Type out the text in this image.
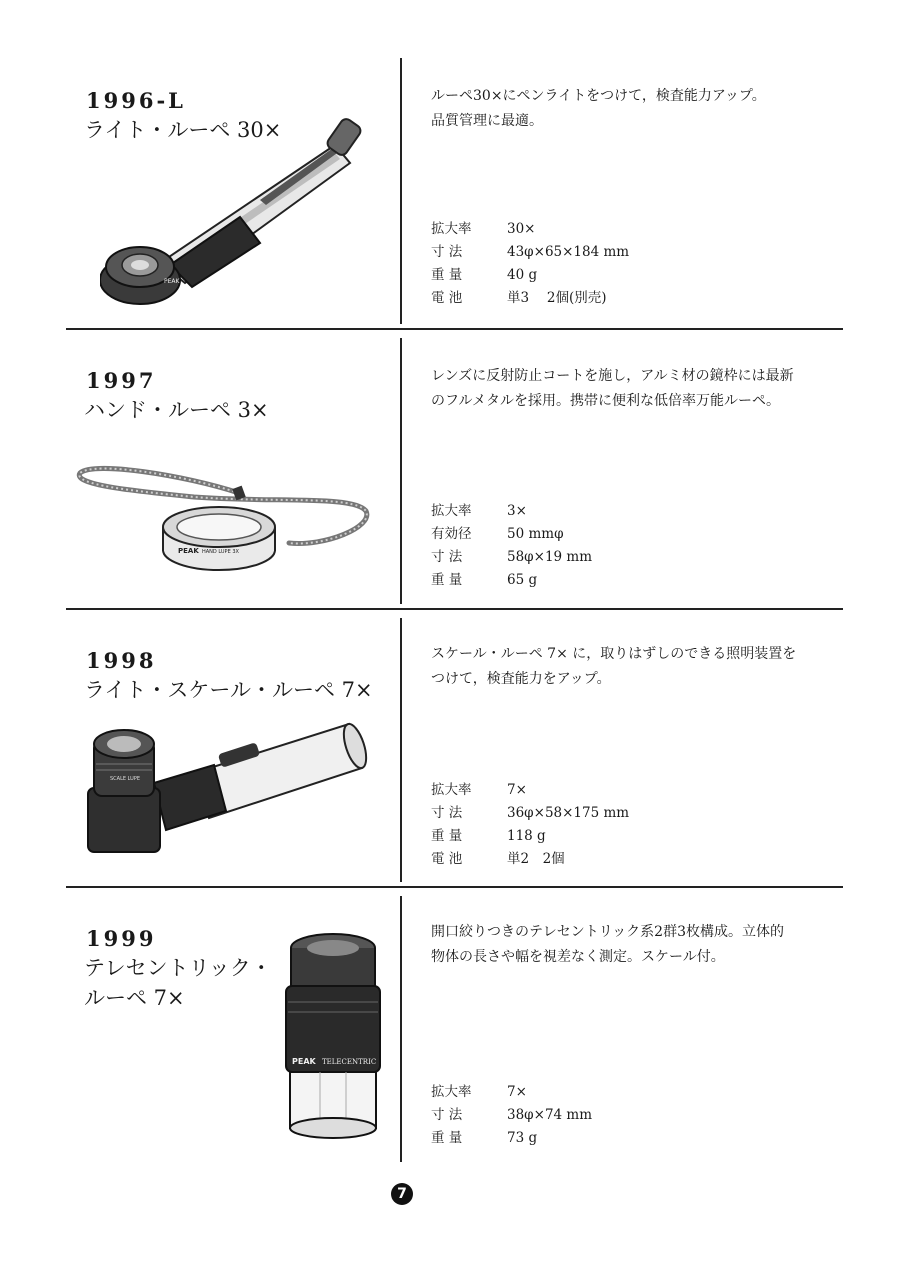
1996-L
ライト・ルーペ 30×
PEAK
ルーペ30×にペンライトをつけて，検査能力アップ。
品質管理に最適。
拡大率	30×
寸 法	43φ×65×184 mm
重 量	40 g
電 池	単3　 2個(別売)
1997
ハンド・ルーペ 3×
PEAK HAND LUPE 3X
レンズに反射防止コートを施し，アルミ材の鏡枠には最新
のフルメタルを採用。携帯に便利な低倍率万能ルーペ。
拡大率	3×
有効径	50 mmφ
寸 法	58φ×19 mm
重 量	65 g
1998
ライト・スケール・ルーペ 7×
SCALE LUPE
スケール・ルーペ 7× に，取りはずしのできる照明装置を
つけて，検査能力をアップ。
拡大率	7×
寸 法	36φ×58×175 mm
重 量	118 g
電 池	単2　2個
1999
テレセントリック・
ルーペ 7×
PEAK TELECENTRIC
開口絞りつきのテレセントリック系2群3枚構成。立体的
物体の長さや幅を視差なく測定。スケール付。
拡大率	7×
寸 法	38φ×74 mm
重 量	73 g
7
